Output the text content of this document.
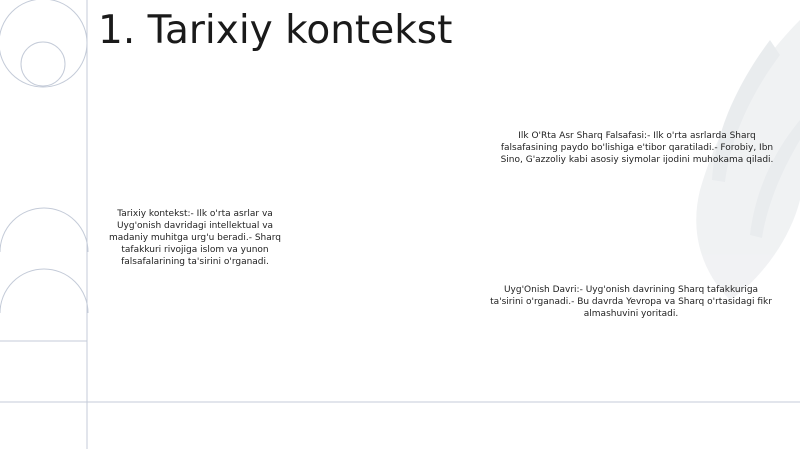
1. Tarixiy kontekst

Tarixiy kontekst:- Ilk o'rta asrlar va Uyg'onish davridagi intellektual va madaniy muhitga urg'u beradi.- Sharq tafakkuri rivojiga islom va yunon falsafalarining ta'sirini o'rganadi.

Ilk O'Rta Asr Sharq Falsafasi:- Ilk o'rta asrlarda Sharq falsafasining paydo bo'lishiga e'tibor qaratiladi.- Forobiy, Ibn Sino, G'azzoliy kabi asosiy siymolar ijodini muhokama qiladi.

Uyg'Onish Davri:- Uyg'onish davrining Sharq tafakkuriga ta'sirini o'rganadi.- Bu davrda Yevropa va Sharq o'rtasidagi fikr almashuvini yoritadi.
